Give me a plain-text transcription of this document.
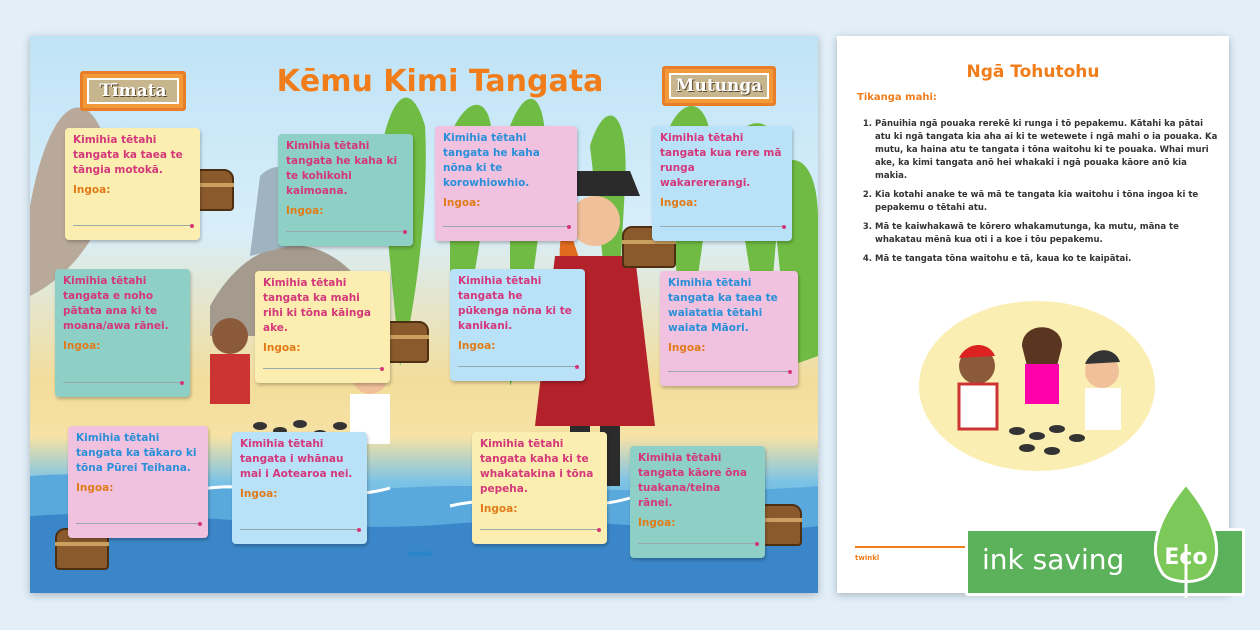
Kēmu Kimi Tangata
Tīmata	Mutunga
Kimihia tētahi tangata ka taea te tāngia motokā.
Ingoa:
Kimihia tētahi tangata he kaha ki te kohikohi kaimoana.
Ingoa:
Kimihia tētahi tangata he kaha nōna ki te korowhiowhio.
Ingoa:
Kimihia tētahi tangata kua rere mā runga wakarererangi.
Ingoa:
Kimihia tētahi tangata e noho pātata ana ki te moana/awa rānei.
Ingoa:
Kimihia tētahi tangata ka mahi rihi ki tōna kāinga ake.
Ingoa:
Kimihia tētahi tangata he pūkenga nōna ki te kanikani.
Ingoa:
Kimihia tētahi tangata ka taea te waiatatia tētahi waiata Māori.
Ingoa:
Kimihia tētahi tangata ka tākaro ki tōna Pūrei Teihana.
Ingoa:
Kimihia tētahi tangata i whānau mai i Aotearoa nei.
Ingoa:
Kimihia tētahi tangata kaha ki te whakatakina i tōna pepeha.
Ingoa:
Kimihia tētahi tangata kāore ōna tuakana/teina rānei.
Ingoa:
twinkl
Ngā Tohutohu
Tikanga mahi:
1. Pānuihia ngā pouaka rerekē ki runga i tō pepakemu. Kātahi ka pātai atu ki ngā tangata kia aha ai ki te wetewete i ngā mahi o ia pouaka. Ka mutu, ka haina atu te tangata i tōna waitohu ki te pouaka. Whai muri ake, ka kimi tangata anō hei whakaki i ngā pouaka kāore anō kia makia.
2. Kia kotahi anake te wā mā te tangata kia waitohu i tōna ingoa ki te pepakemu o tētahi atu.
3. Mā te kaiwhakawā te kōrero whakamutunga, ka mutu, māna te whakatau mēnā kua oti i a koe i tōu pepakemu.
4. Mā te tangata tōna waitohu e tā, kaua ko te kaipātai.
twinkl	ink saving Eco
